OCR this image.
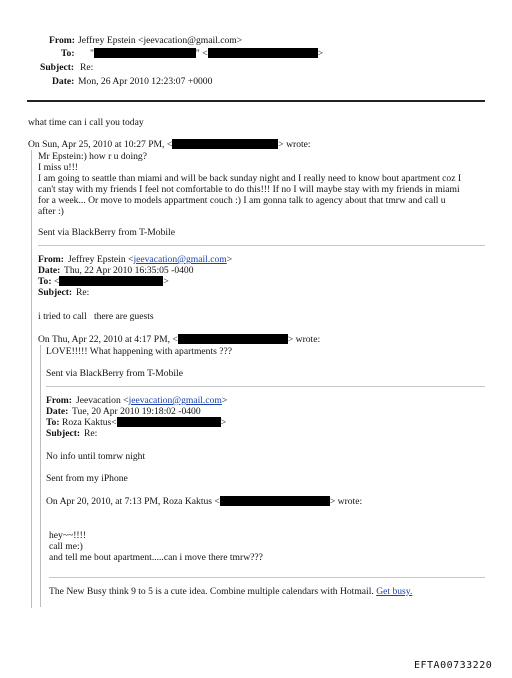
From: Jeffrey Epstein <jeevacation@gmail.com>
To: "	" <	>
Subject: Re:
Date: Mon, 26 Apr 2010 12:23:07 +0000
what time can i call you today
On Sun, Apr 25, 2010 at 10:27 PM, <	> wrote:
Mr Epstein:) how r u doing?
I miss u!!!
I am going to seattle than miami and will be back sunday night and I really need to know bout apartment coz I
can't stay with my friends I feel not comfortable to do this!!! If no I will maybe stay with my friends in miami
for a week... Or move to models appartment couch :) I am gonna talk to agency about that tmrw and call u
after :)
Sent via BlackBerry from T-Mobile
From: Jeffrey Epstein <jeevacation@gmail.com>
Date: Thu, 22 Apr 2010 16:35:05 -0400
To: <	>
Subject: Re:
i tried to call   there are guests
On Thu, Apr 22, 2010 at 4:17 PM, <	> wrote:
LOVE!!!!! What happening with apartments ???
Sent via BlackBerry from T-Mobile
From: Jeevacation <jeevacation@gmail.com>
Date: Tue, 20 Apr 2010 19:18:02 -0400
To: Roza Kaktus<	>
Subject: Re:
No info until tomrw night
Sent from my iPhone
On Apr 20, 2010, at 7:13 PM, Roza Kaktus <	> wrote:
hey~~!!!!
call me:)
and tell me bout apartment.....can i move there tmrw???
The New Busy think 9 to 5 is a cute idea. Combine multiple calendars with Hotmail. Get busy.
EFTA00733220
